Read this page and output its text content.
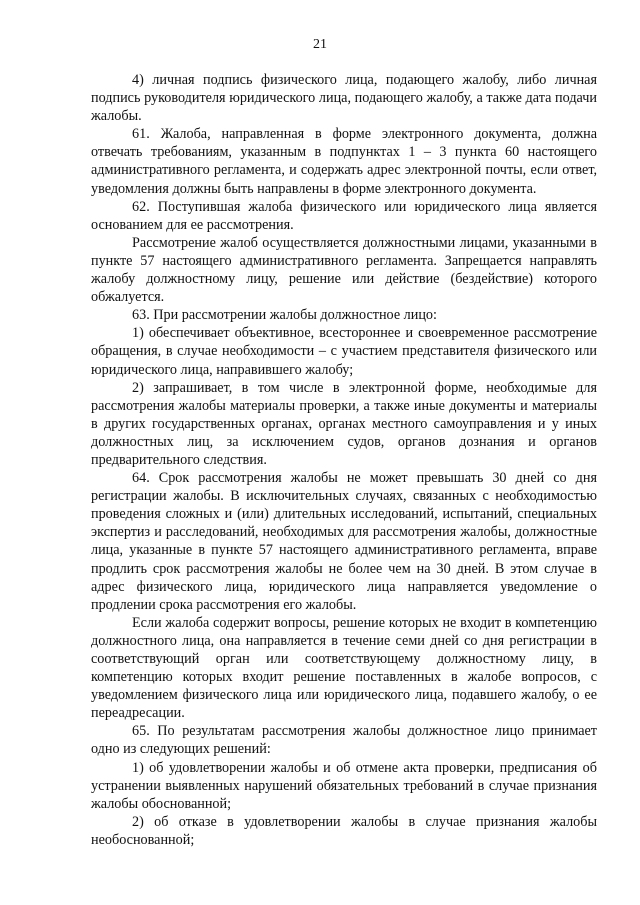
21

4) личная подпись физического лица, подающего жалобу, либо личная подпись руководителя юридического лица, подающего жалобу, а также дата подачи жалобы.

61. Жалоба, направленная в форме электронного документа, должна отвечать требованиям, указанным в подпунктах 1 – 3 пункта 60 настоящего административного регламента, и содержать адрес электронной почты, если ответ, уведомления должны быть направлены в форме электронного документа.

62. Поступившая жалоба физического или юридического лица является основанием для ее рассмотрения.

Рассмотрение жалоб осуществляется должностными лицами, указанными в пункте 57 настоящего административного регламента. Запрещается направлять жалобу должностному лицу, решение или действие (бездействие) которого обжалуется.

63. При рассмотрении жалобы должностное лицо:

1) обеспечивает объективное, всестороннее и своевременное рассмотрение обращения, в случае необходимости – с участием представителя физического или юридического лица, направившего жалобу;

2) запрашивает, в том числе в электронной форме, необходимые для рассмотрения жалобы материалы проверки, а также иные документы и материалы в других государственных органах, органах местного самоуправления и у иных должностных лиц, за исключением судов, органов дознания и органов предварительного следствия.

64. Срок рассмотрения жалобы не может превышать 30 дней со дня регистрации жалобы. В исключительных случаях, связанных с необходимостью проведения сложных и (или) длительных исследований, испытаний, специальных экспертиз и расследований, необходимых для рассмотрения жалобы, должностные лица, указанные в пункте 57 настоящего административного регламента, вправе продлить срок рассмотрения жалобы не более чем на 30 дней. В этом случае в адрес физического лица, юридического лица направляется уведомление о продлении срока рассмотрения его жалобы.

Если жалоба содержит вопросы, решение которых не входит в компетенцию должностного лица, она направляется в течение семи дней со дня регистрации в соответствующий орган или соответствующему должностному лицу, в компетенцию которых входит решение поставленных в жалобе вопросов, с уведомлением физического лица или юридического лица, подавшего жалобу, о ее переадресации.

65. По результатам рассмотрения жалобы должностное лицо принимает одно из следующих решений:

1) об удовлетворении жалобы и об отмене акта проверки, предписания об устранении выявленных нарушений обязательных требований в случае признания жалобы обоснованной;

2) об отказе в удовлетворении жалобы в случае признания жалобы необоснованной;
